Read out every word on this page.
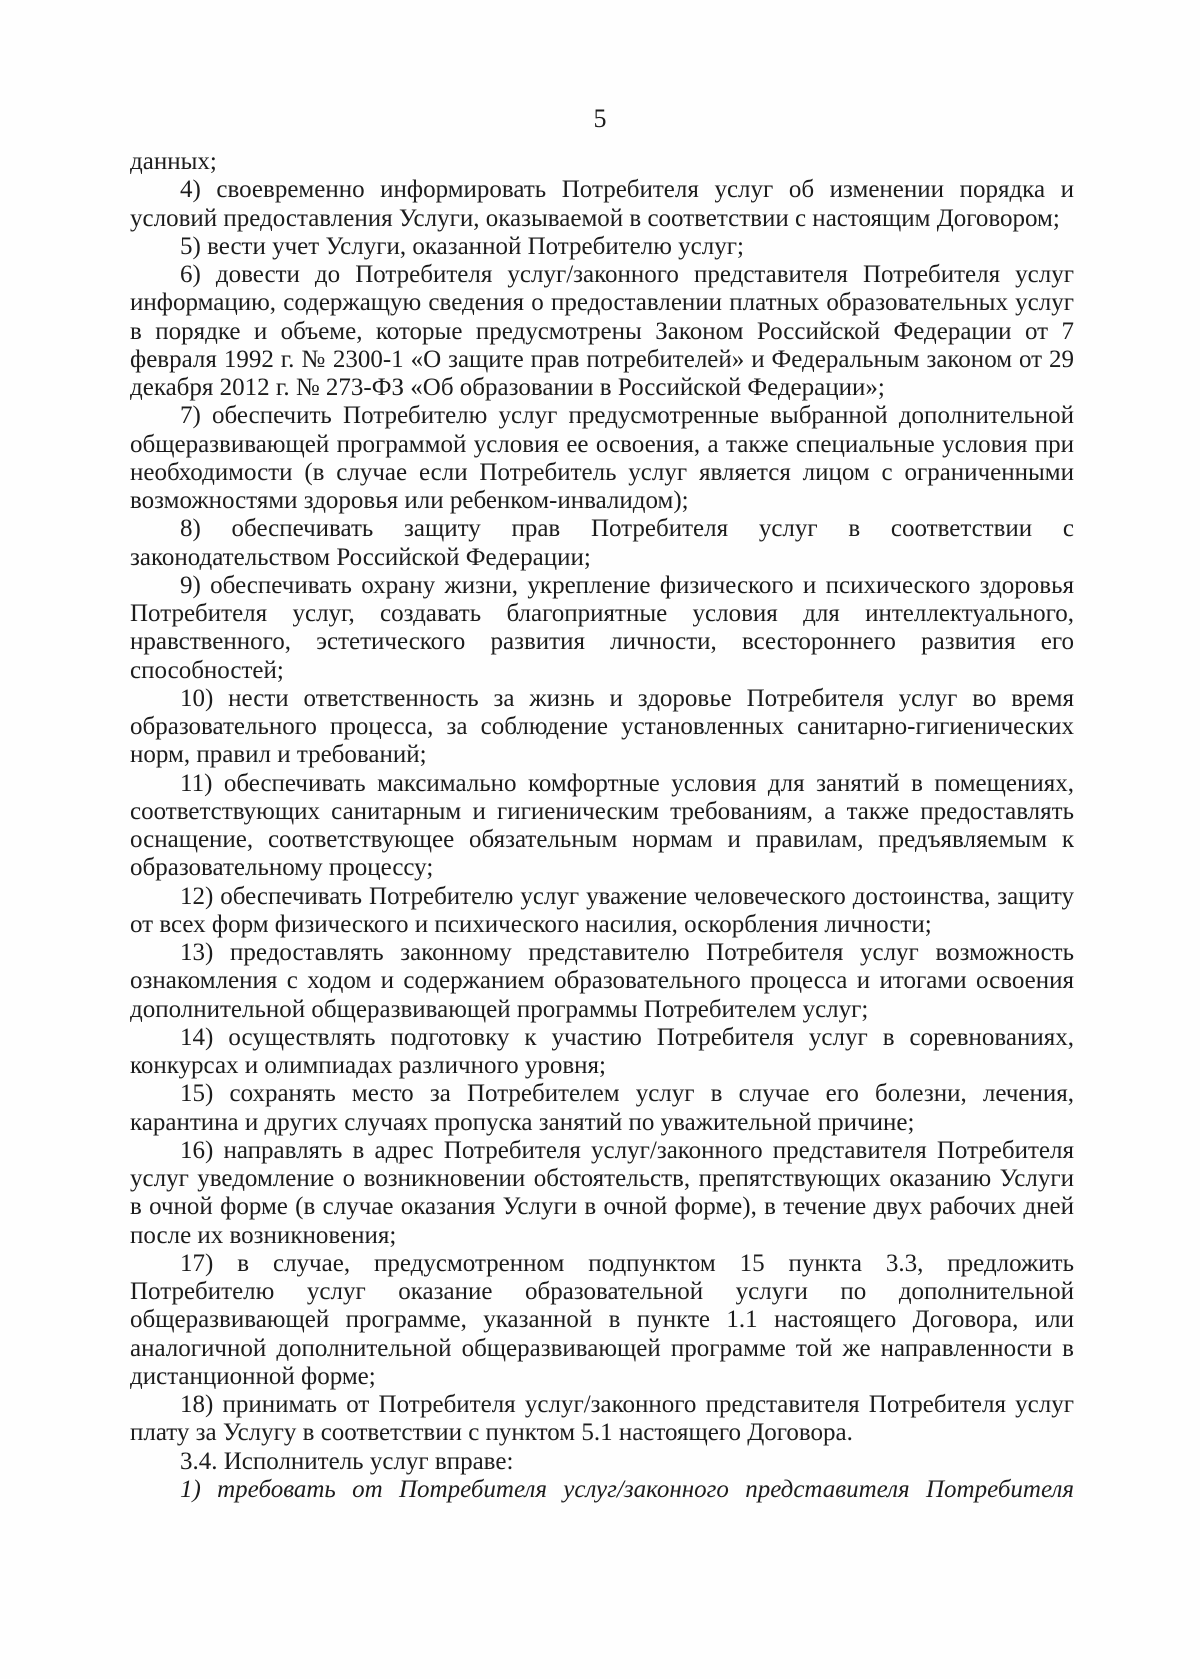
5

данных;

4) своевременно информировать Потребителя услуг об изменении порядка и условий предоставления Услуги, оказываемой в соответствии с настоящим Договором;

5) вести учет Услуги, оказанной Потребителю услуг;

6) довести до Потребителя услуг/законного представителя Потребителя услуг информацию, содержащую сведения о предоставлении платных образовательных услуг в порядке и объеме, которые предусмотрены Законом Российской Федерации от 7 февраля 1992 г. № 2300-1 «О защите прав потребителей» и Федеральным законом от 29 декабря 2012 г. № 273-ФЗ «Об образовании в Российской Федерации»;

7) обеспечить Потребителю услуг предусмотренные выбранной дополнительной общеразвивающей программой условия ее освоения, а также специальные условия при необходимости (в случае если Потребитель услуг является лицом с ограниченными возможностями здоровья или ребенком-инвалидом);

8) обеспечивать защиту прав Потребителя услуг в соответствии с законодательством Российской Федерации;

9) обеспечивать охрану жизни, укрепление физического и психического здоровья Потребителя услуг, создавать благоприятные условия для интеллектуального, нравственного, эстетического развития личности, всестороннего развития его способностей;

10) нести ответственность за жизнь и здоровье Потребителя услуг во время образовательного процесса, за соблюдение установленных санитарно-гигиенических норм, правил и требований;

11) обеспечивать максимально комфортные условия для занятий в помещениях, соответствующих санитарным и гигиеническим требованиям, а также предоставлять оснащение, соответствующее обязательным нормам и правилам, предъявляемым к образовательному процессу;

12) обеспечивать Потребителю услуг уважение человеческого достоинства, защиту от всех форм физического и психического насилия, оскорбления личности;

13) предоставлять законному представителю Потребителя услуг возможность ознакомления с ходом и содержанием образовательного процесса и итогами освоения дополнительной общеразвивающей программы Потребителем услуг;

14) осуществлять подготовку к участию Потребителя услуг в соревнованиях, конкурсах и олимпиадах различного уровня;

15) сохранять место за Потребителем услуг в случае его болезни, лечения, карантина и других случаях пропуска занятий по уважительной причине;

16) направлять в адрес Потребителя услуг/законного представителя Потребителя услуг уведомление о возникновении обстоятельств, препятствующих оказанию Услуги в очной форме (в случае оказания Услуги в очной форме), в течение двух рабочих дней после их возникновения;

17) в случае, предусмотренном подпунктом 15 пункта 3.3, предложить Потребителю услуг оказание образовательной услуги по дополнительной общеразвивающей программе, указанной в пункте 1.1 настоящего Договора, или аналогичной дополнительной общеразвивающей программе той же направленности в дистанционной форме;

18) принимать от Потребителя услуг/законного представителя Потребителя услуг плату за Услугу в соответствии с пунктом 5.1 настоящего Договора.

3.4. Исполнитель услуг вправе:

1) требовать от Потребителя услуг/законного представителя Потребителя
